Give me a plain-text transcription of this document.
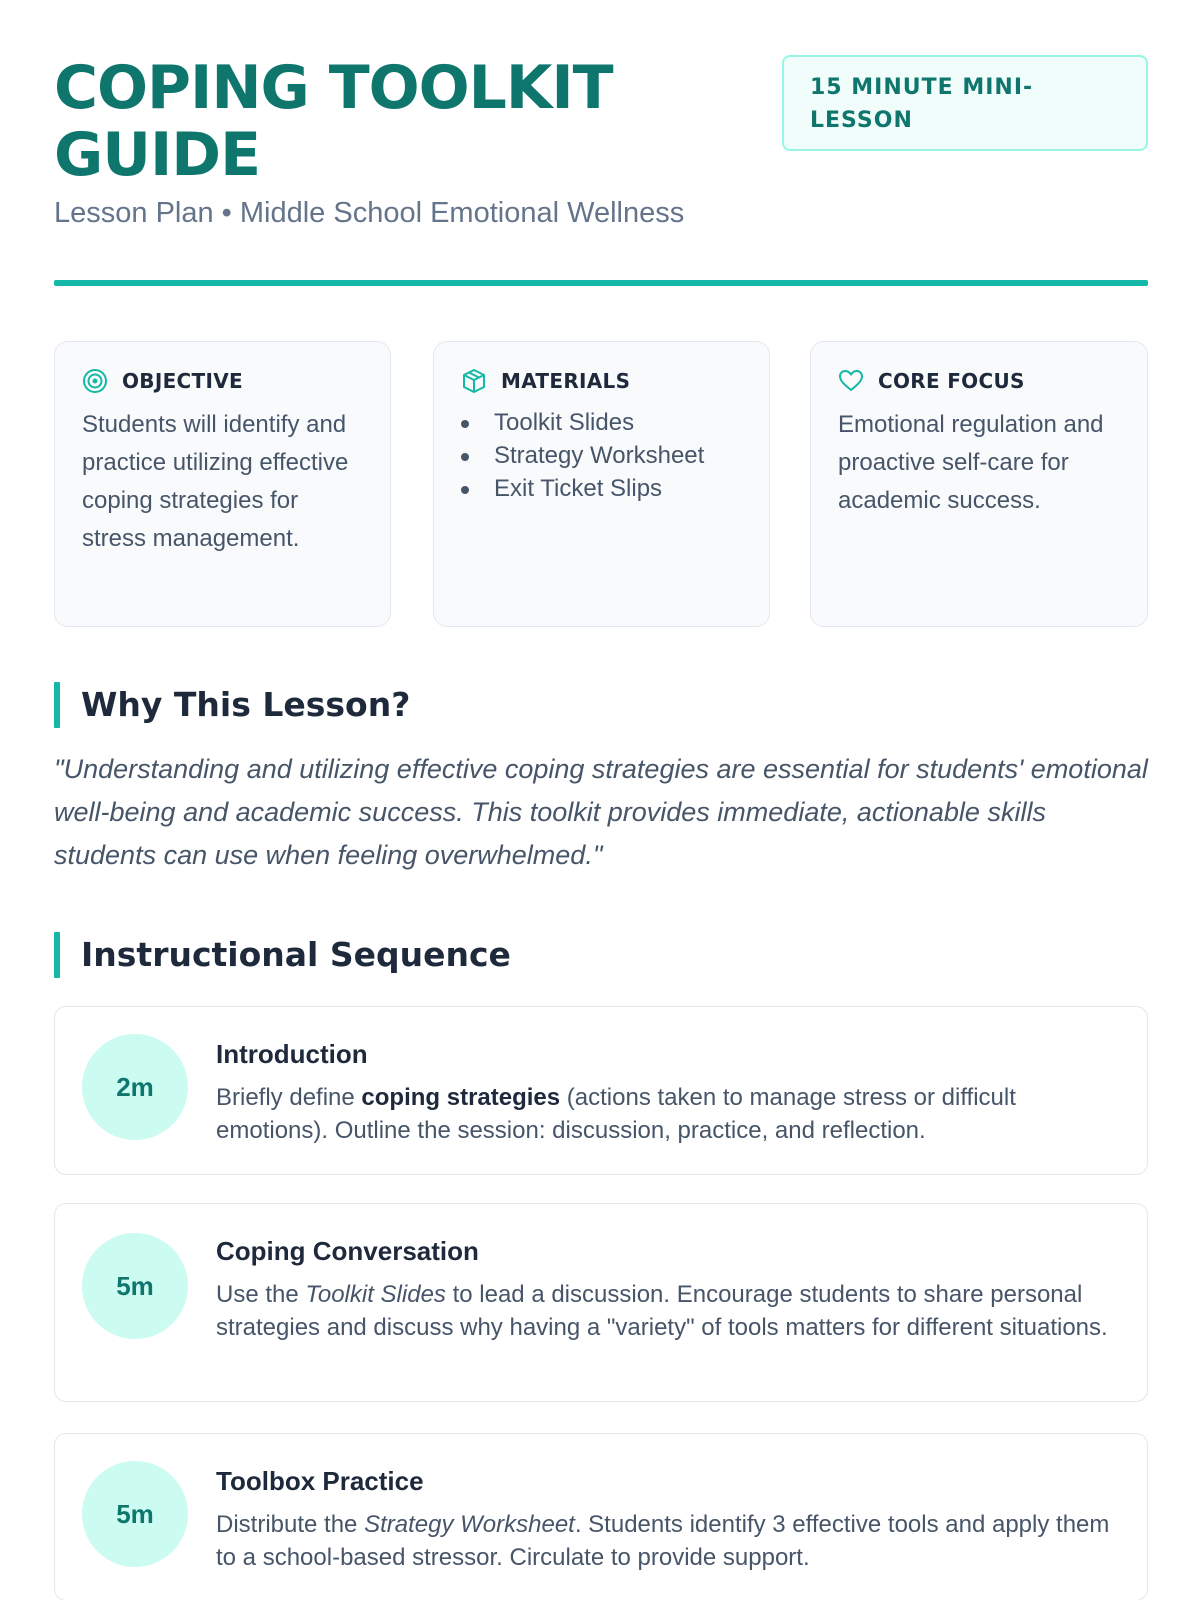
COPING TOOLKIT GUIDE
Lesson Plan • Middle School Emotional Wellness
15 MINUTE MINI-LESSON
OBJECTIVE

Students will identify and practice utilizing effective coping strategies for stress management.

MATERIALS
Toolkit Slides
Strategy Worksheet
Exit Ticket Slips
CORE FOCUS

Emotional regulation and proactive self-care for academic success.

Why This Lesson?

"Understanding and utilizing effective coping strategies are essential for students' emotional well-being and academic success. This toolkit provides immediate, actionable skills students can use when feeling overwhelmed."

Instructional Sequence
2m
Introduction

Briefly define coping strategies (actions taken to manage stress or difficult emotions). Outline the session: discussion, practice, and reflection.

5m
Coping Conversation

Use the Toolkit Slides to lead a discussion. Encourage students to share personal strategies and discuss why having a "variety" of tools matters for different situations.

5m
Toolbox Practice

Distribute the Strategy Worksheet. Students identify 3 effective tools and apply them to a school-based stressor. Circulate to provide support.
